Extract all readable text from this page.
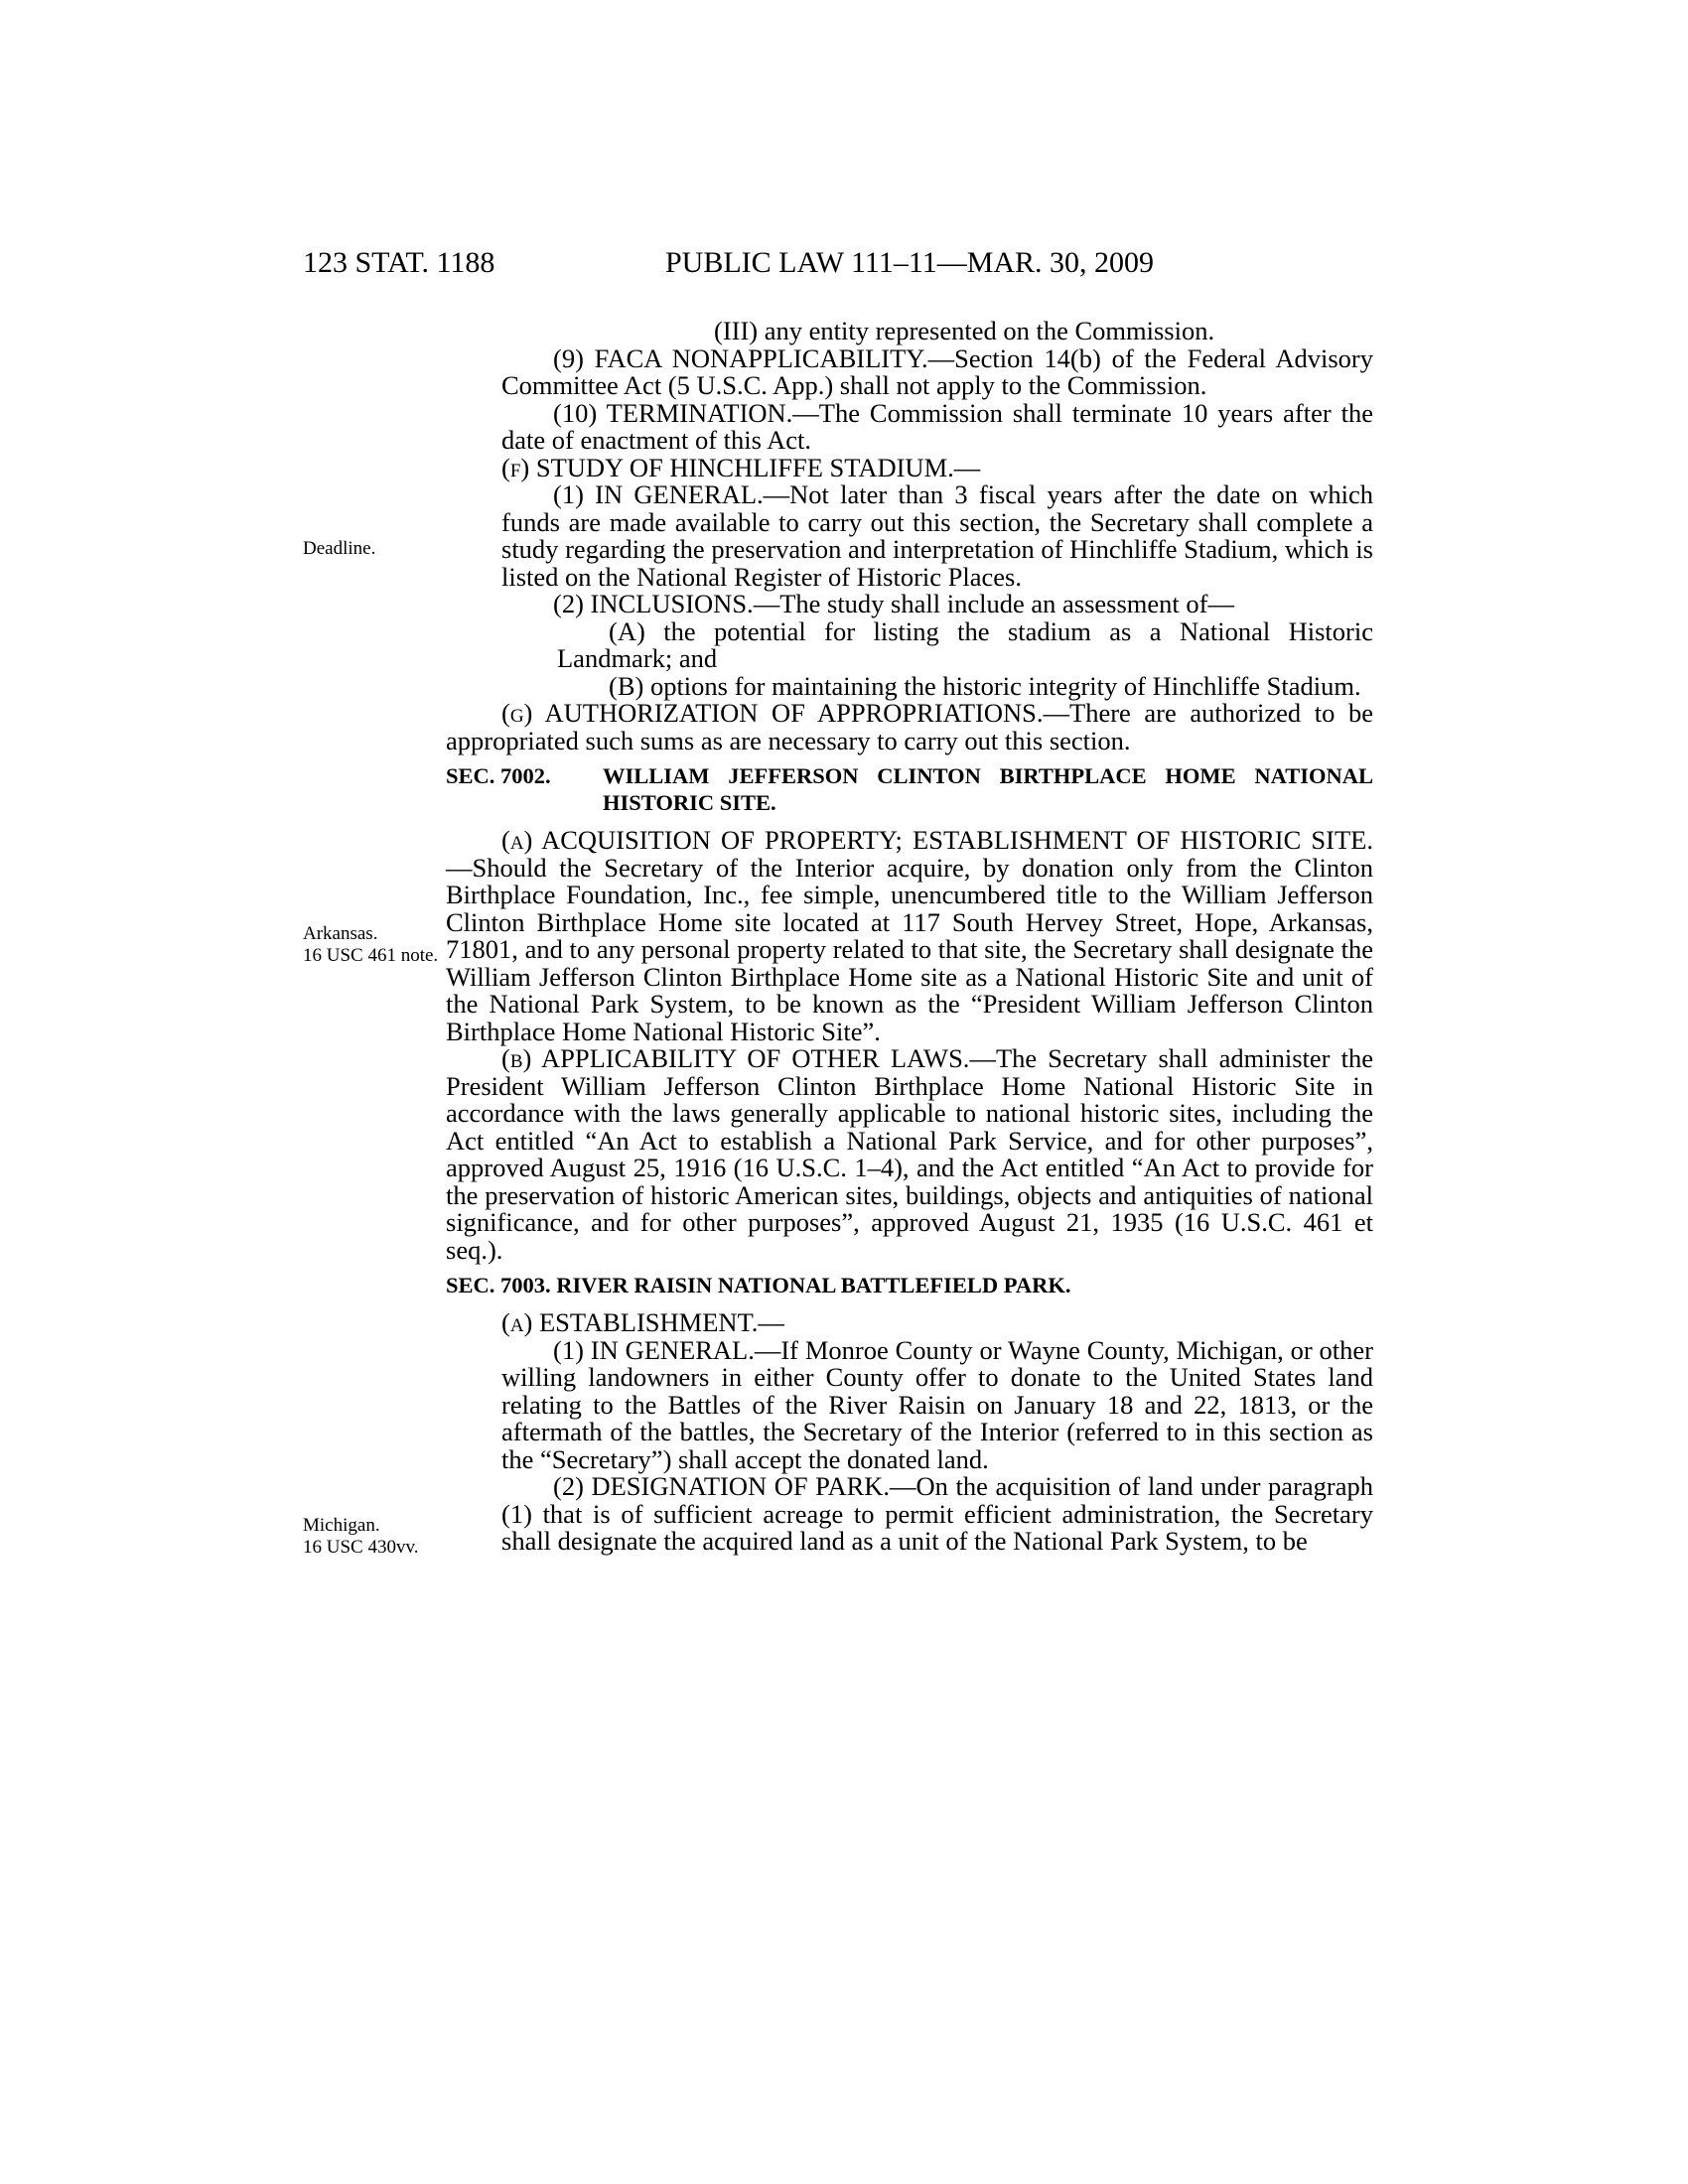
123 STAT. 1188	PUBLIC LAW 111–11—MAR. 30, 2009
Deadline.
Arkansas.
16 USC 461 note.
Michigan.
16 USC 430vv.

(III) any entity represented on the Commission.

(9) FACA NONAPPLICABILITY.—Section 14(b) of the Federal Advisory Committee Act (5 U.S.C. App.) shall not apply to the Commission.

(10) TERMINATION.—The Commission shall terminate 10 years after the date of enactment of this Act.

(f) STUDY OF HINCHLIFFE STADIUM.—

(1) IN GENERAL.—Not later than 3 fiscal years after the date on which funds are made available to carry out this section, the Secretary shall complete a study regarding the preservation and interpretation of Hinchliffe Stadium, which is listed on the National Register of Historic Places.

(2) INCLUSIONS.—The study shall include an assessment of—

(A) the potential for listing the stadium as a National Historic Landmark; and

(B) options for maintaining the historic integrity of Hinchliffe Stadium.

(g) AUTHORIZATION OF APPROPRIATIONS.—There are authorized to be appropriated such sums as are necessary to carry out this section.

SEC. 7002. WILLIAM JEFFERSON CLINTON BIRTHPLACE HOME NATIONAL HISTORIC SITE.

(a) ACQUISITION OF PROPERTY; ESTABLISHMENT OF HISTORIC SITE.—Should the Secretary of the Interior acquire, by donation only from the Clinton Birthplace Foundation, Inc., fee simple, unencumbered title to the William Jefferson Clinton Birthplace Home site located at 117 South Hervey Street, Hope, Arkansas, 71801, and to any personal property related to that site, the Secretary shall designate the William Jefferson Clinton Birthplace Home site as a National Historic Site and unit of the National Park System, to be known as the “President William Jefferson Clinton Birthplace Home National Historic Site”.

(b) APPLICABILITY OF OTHER LAWS.—The Secretary shall administer the President William Jefferson Clinton Birthplace Home National Historic Site in accordance with the laws generally applicable to national historic sites, including the Act entitled “An Act to establish a National Park Service, and for other purposes”, approved August 25, 1916 (16 U.S.C. 1–4), and the Act entitled “An Act to provide for the preservation of historic American sites, buildings, objects and antiquities of national significance, and for other purposes”, approved August 21, 1935 (16 U.S.C. 461 et seq.).

SEC. 7003. RIVER RAISIN NATIONAL BATTLEFIELD PARK.

(a) ESTABLISHMENT.—

(1) IN GENERAL.—If Monroe County or Wayne County, Michigan, or other willing landowners in either County offer to donate to the United States land relating to the Battles of the River Raisin on January 18 and 22, 1813, or the aftermath of the battles, the Secretary of the Interior (referred to in this section as the “Secretary”) shall accept the donated land.

(2) DESIGNATION OF PARK.—On the acquisition of land under paragraph (1) that is of sufficient acreage to permit efficient administration, the Secretary shall designate the acquired land as a unit of the National Park System, to be
